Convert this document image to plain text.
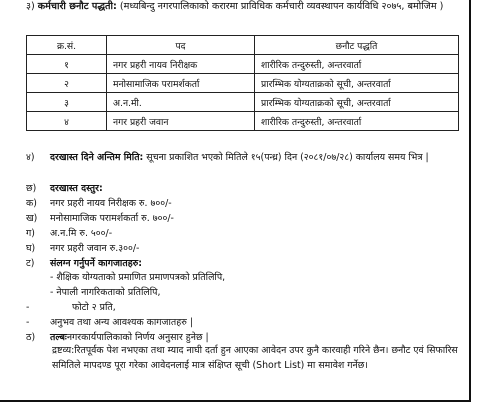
३) कर्मचारी छनौट पद्धती: (मध्यबिन्दु नगरपालिकाको करारमा प्राविधिक कर्मचारी व्यवस्थापन कार्यविधि २०७५, बमोजिम )
क्र.सं.	पद	छनौट पद्धति
१	नगर प्रहरी नायव निरीक्षक	शारीरिक तन्दुरुस्ती, अन्तरवार्ता
२	मनोसामाजिक परामर्शकर्ता	प्रारम्भिक योग्यताक्रको सूची, अन्तरवार्ता
३	अ.न.मी.	प्रारम्भिक योग्यताक्रको सूची, अन्तरवार्ता
४	नगर प्रहरी जवान	शारीरिक तन्दुरुस्ती, अन्तरवार्ता
४) दरखास्त दिने अन्तिम मिति: सूचना प्रकाशित भएको मितिले १५(पन्ध्र) दिन (२०८१/०७/२८) कार्यालय समय भित्र |
छ) दरखास्त दस्तुर:
क) नगर प्रहरी नायव निरीक्षक रु. ७००/-
ख) मनोसामाजिक परामर्शकर्ता रु. ७००/-
ग) अ.न.मि रु. ५००/-
घ) नगर प्रहरी जवान रु.३००/-
ट) संलग्न गर्नुपर्ने कागजातहरु:
- शैक्षिक योग्यताको प्रमाणित प्रमाणपत्रको प्रतिलिपि,
- नेपाली नागरिकताको प्रतिलिपि,
-	फोटो २ प्रति,
- अनुभव तथा अन्य आवश्यक कागजातहरु |
ठ) तल्बःनगरकार्यपालिकाको निर्णय अनुसार हुनेछ |
द्रष्टव्य:रितपूर्वक पेश नभएका तथा म्याद नाघी दर्ता हुन आएका आवेदन उपर कुनै कारवाही गरिने छैन। छनौट एवं सिफारिस समितिले मापदण्ड पूरा गरेका आवेदनलाई मात्र संक्षिप्त सूची (Short List) मा समावेश गर्नेछ।
